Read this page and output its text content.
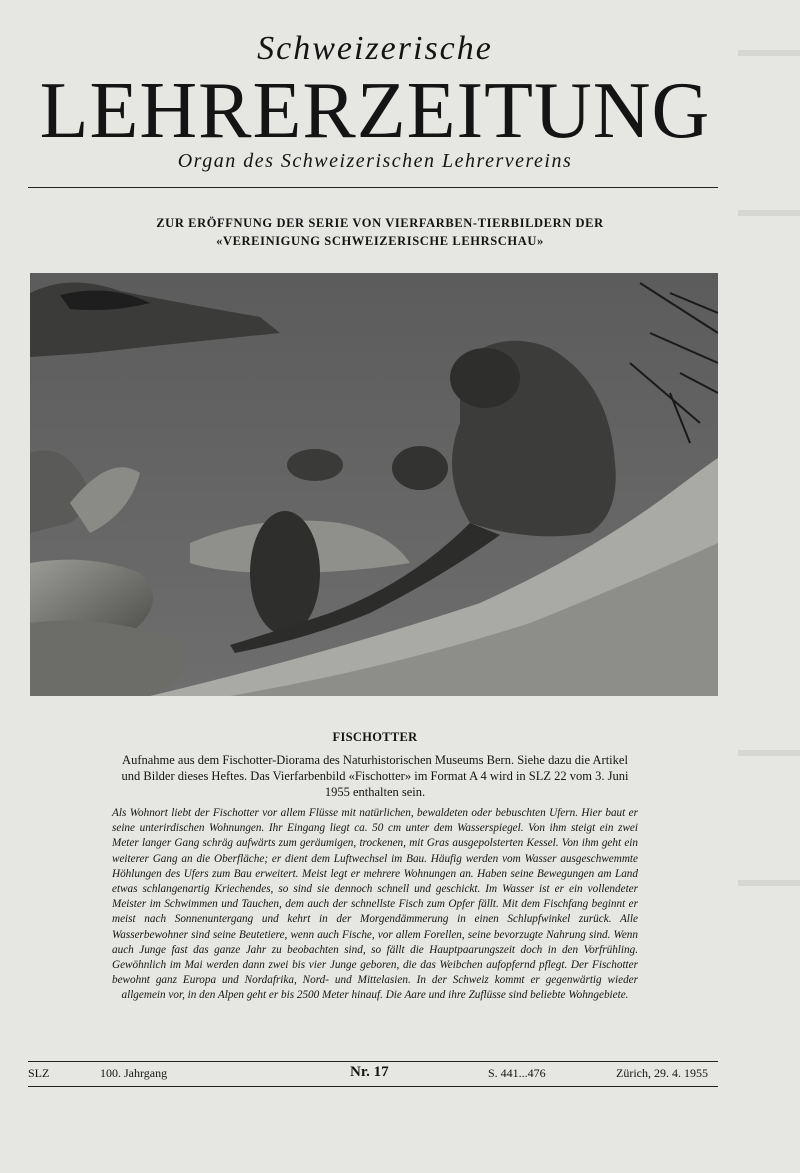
Schweizerische
LEHRERZEITUNG
Organ des Schweizerischen Lehrervereins
ZUR ERÖFFNUNG DER SERIE VON VIERFARBEN-TIERBILDERN DER
«VEREINIGUNG SCHWEIZERISCHE LEHRSCHAU»
FISCHOTTER
Aufnahme aus dem Fischotter-Diorama des Naturhistorischen Museums Bern. Siehe dazu die Artikel und Bilder dieses Heftes. Das Vierfarbenbild «Fischotter» im Format A 4 wird in SLZ 22 vom 3. Juni 1955 enthalten sein.
Als Wohnort liebt der Fischotter vor allem Flüsse mit natürlichen, bewaldeten oder bebuschten Ufern. Hier baut er seine unterirdischen Wohnungen. Ihr Eingang liegt ca. 50 cm unter dem Wasserspiegel. Von ihm steigt ein zwei Meter langer Gang schräg aufwärts zum geräumigen, trockenen, mit Gras ausgepolsterten Kessel. Von ihm geht ein weiterer Gang an die Oberfläche; er dient dem Luftwechsel im Bau. Häufig werden vom Wasser ausgeschwemmte Höhlungen des Ufers zum Bau erweitert. Meist legt er mehrere Wohnungen an. Haben seine Bewegungen am Land etwas schlangenartig Kriechendes, so sind sie dennoch schnell und geschickt. Im Wasser ist er ein vollendeter Meister im Schwimmen und Tauchen, dem auch der schnellste Fisch zum Opfer fällt. Mit dem Fischfang beginnt er meist nach Sonnenuntergang und kehrt in der Morgendämmerung in einen Schlupfwinkel zurück. Alle Wasserbewohner sind seine Beutetiere, wenn auch Fische, vor allem Forellen, seine bevorzugte Nahrung sind. Wenn auch Junge fast das ganze Jahr zu beobachten sind, so fällt die Hauptpaarungszeit doch in den Vorfrühling. Gewöhnlich im Mai werden dann zwei bis vier Junge geboren, die das Weibchen aufopfernd pflegt. Der Fischotter bewohnt ganz Europa und Nordafrika, Nord- und Mittelasien. In der Schweiz kommt er gegenwärtig wieder allgemein vor, in den Alpen geht er bis 2500 Meter hinauf. Die Aare und ihre Zuflüsse sind beliebte Wohngebiete.
SLZ	100. Jahrgang	Nr. 17	S. 441...476	Zürich, 29. 4. 1955
